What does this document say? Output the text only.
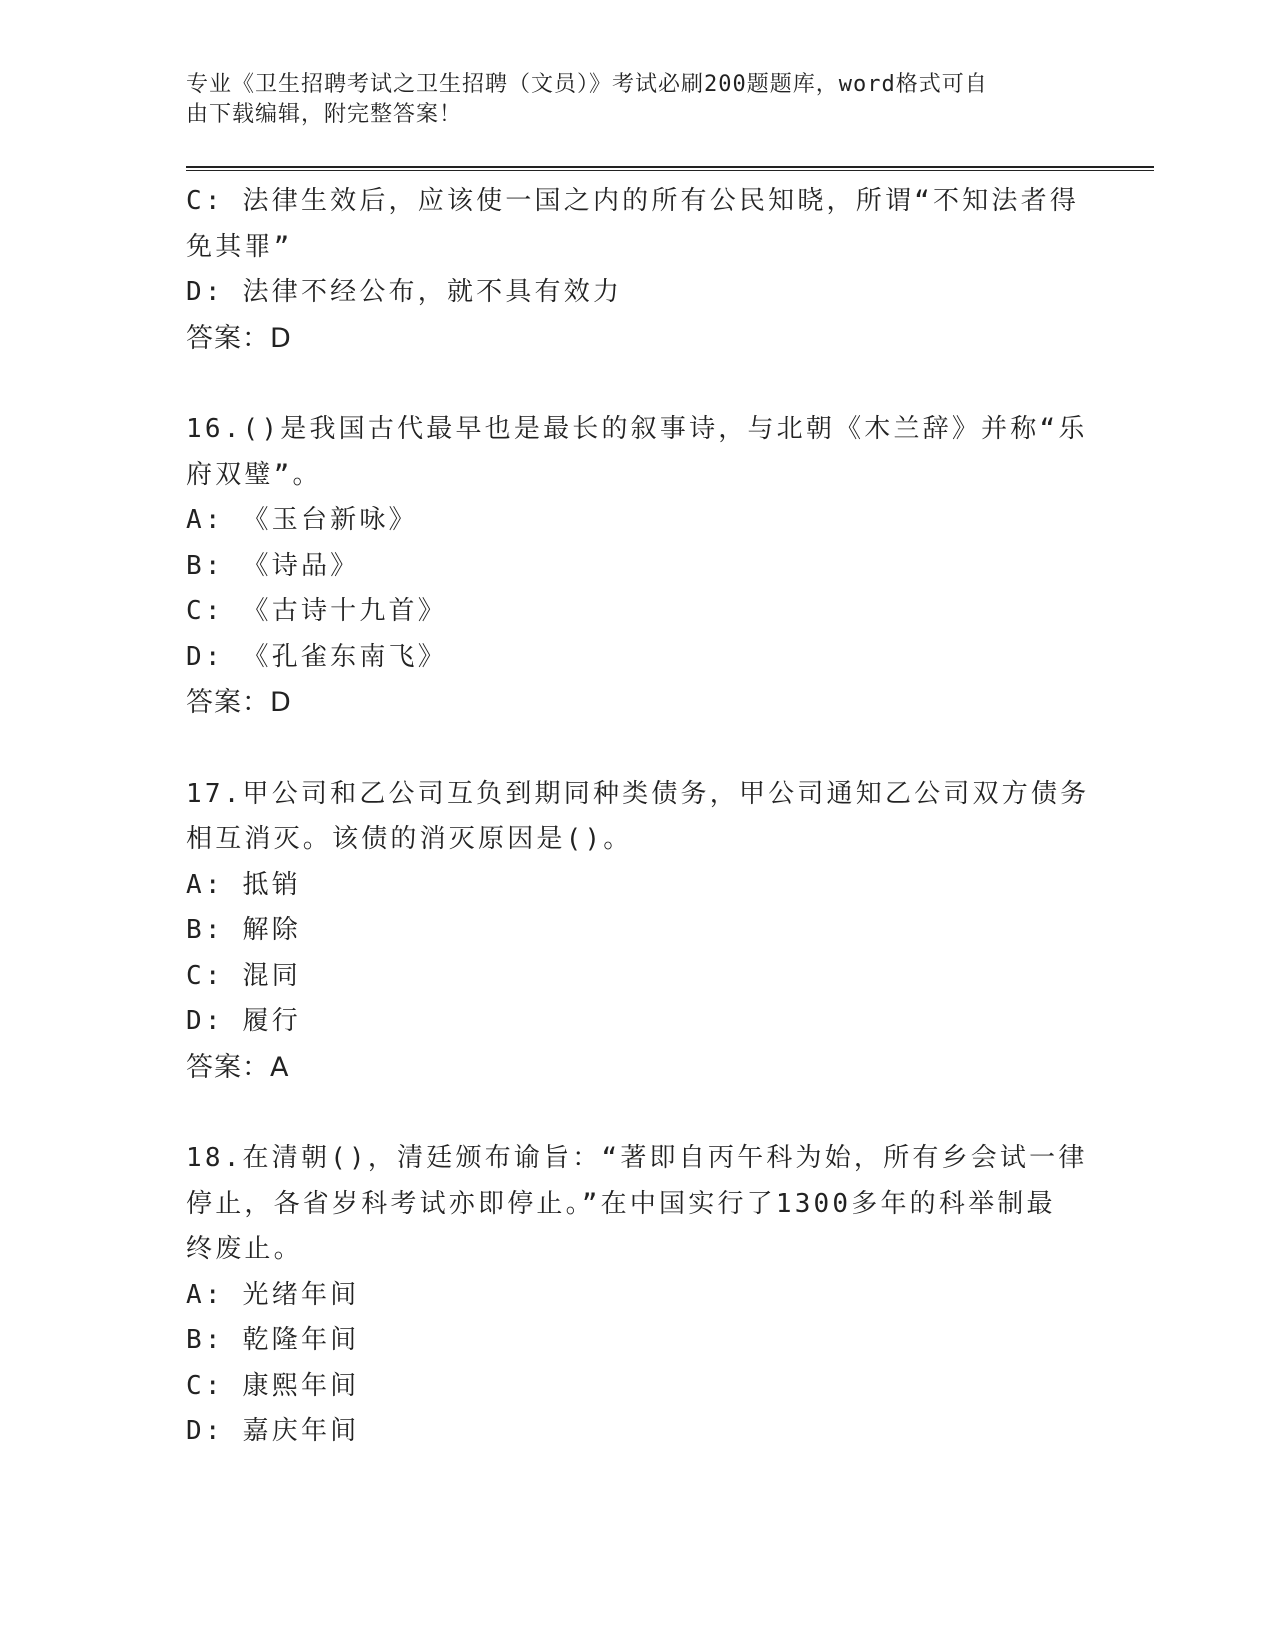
专业《卫生招聘考试之卫生招聘（文员）》考试必刷200题题库，word格式可自

由下载编辑，附完整答案！

C: 法律生效后，应该使一国之内的所有公民知晓，所谓“不知法者得

免其罪”

D: 法律不经公布，就不具有效力

答案：D

16.()是我国古代最早也是最长的叙事诗，与北朝《木兰辞》并称“乐

府双璧”。

A: 《玉台新咏》

B: 《诗品》

C: 《古诗十九首》

D: 《孔雀东南飞》

答案：D

17.甲公司和乙公司互负到期同种类债务，甲公司通知乙公司双方债务

相互消灭。该债的消灭原因是()。

A: 抵销

B: 解除

C: 混同

D: 履行

答案：A

18.在清朝()，清廷颁布谕旨：“著即自丙午科为始，所有乡会试一律

停止，各省岁科考试亦即停止。”在中国实行了1300多年的科举制最

终废止。

A: 光绪年间

B: 乾隆年间

C: 康熙年间

D: 嘉庆年间
